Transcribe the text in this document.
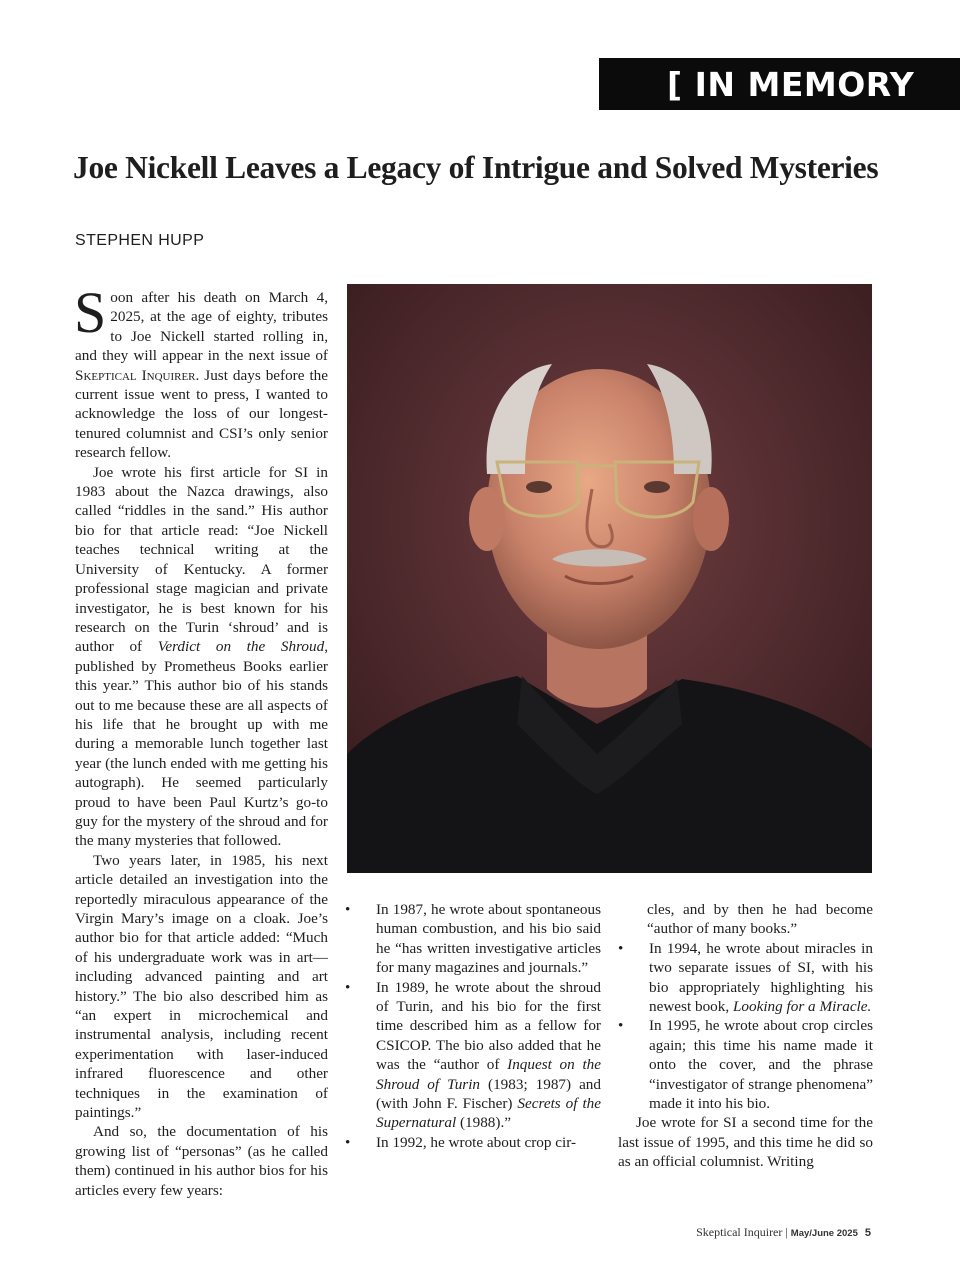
[ IN MEMORY
Joe Nickell Leaves a Legacy of Intrigue and Solved Mysteries

STEPHEN HUPP

Soon after his death on March 4, 2025, at the age of eighty, tributes to Joe Nickell started rolling in, and they will appear in the next issue of Skeptical Inquirer. Just days before the current issue went to press, I wanted to acknowledge the loss of our longest-tenured columnist and CSI’s only senior research fellow.

Joe wrote his first article for SI in 1983 about the Nazca drawings, also called “riddles in the sand.” His author bio for that article read: “Joe Nickell teaches technical writing at the University of Kentucky. A former professional stage magician and private investigator, he is best known for his research on the Turin ‘shroud’ and is author of Verdict on the Shroud, published by Prometheus Books earlier this year.” This author bio of his stands out to me because these are all aspects of his life that he brought up with me during a memorable lunch together last year (the lunch ended with me getting his autograph). He seemed particularly proud to have been Paul Kurtz’s go-to guy for the mystery of the shroud and for the many mysteries that followed.

Two years later, in 1985, his next article detailed an investigation into the reportedly miraculous appearance of the Virgin Mary’s image on a cloak. Joe’s author bio for that article added: “Much of his undergraduate work was in art—including advanced painting and art history.” The bio also described him as “an expert in microchemical and instrumental analysis, including recent experimentation with laser-induced infrared fluorescence and other techniques in the examination of paintings.”

And so, the documentation of his growing list of “personas” (as he called them) continued in his author bios for his articles every few years:

• In 1987, he wrote about spontaneous human combustion, and his bio said he “has written investigative articles for many magazines and journals.”
• In 1989, he wrote about the shroud of Turin, and his bio for the first time described him as a fellow for CSICOP. The bio also added that he was the “author of Inquest on the Shroud of Turin (1983; 1987) and (with John F. Fischer) Secrets of the Supernatural (1988).”
• In 1992, he wrote about crop cir-

cles, and by then he had become “author of many books.”

• In 1994, he wrote about miracles in two separate issues of SI, with his bio appropriately highlighting his newest book, Looking for a Miracle.
• In 1995, he wrote about crop circles again; this time his name made it onto the cover, and the phrase “investigator of strange phenomena” made it into his bio.

Joe wrote for SI a second time for the last issue of 1995, and this time he did so as an official columnist. Writing

Skeptical Inquirer | May/June 2025 5
